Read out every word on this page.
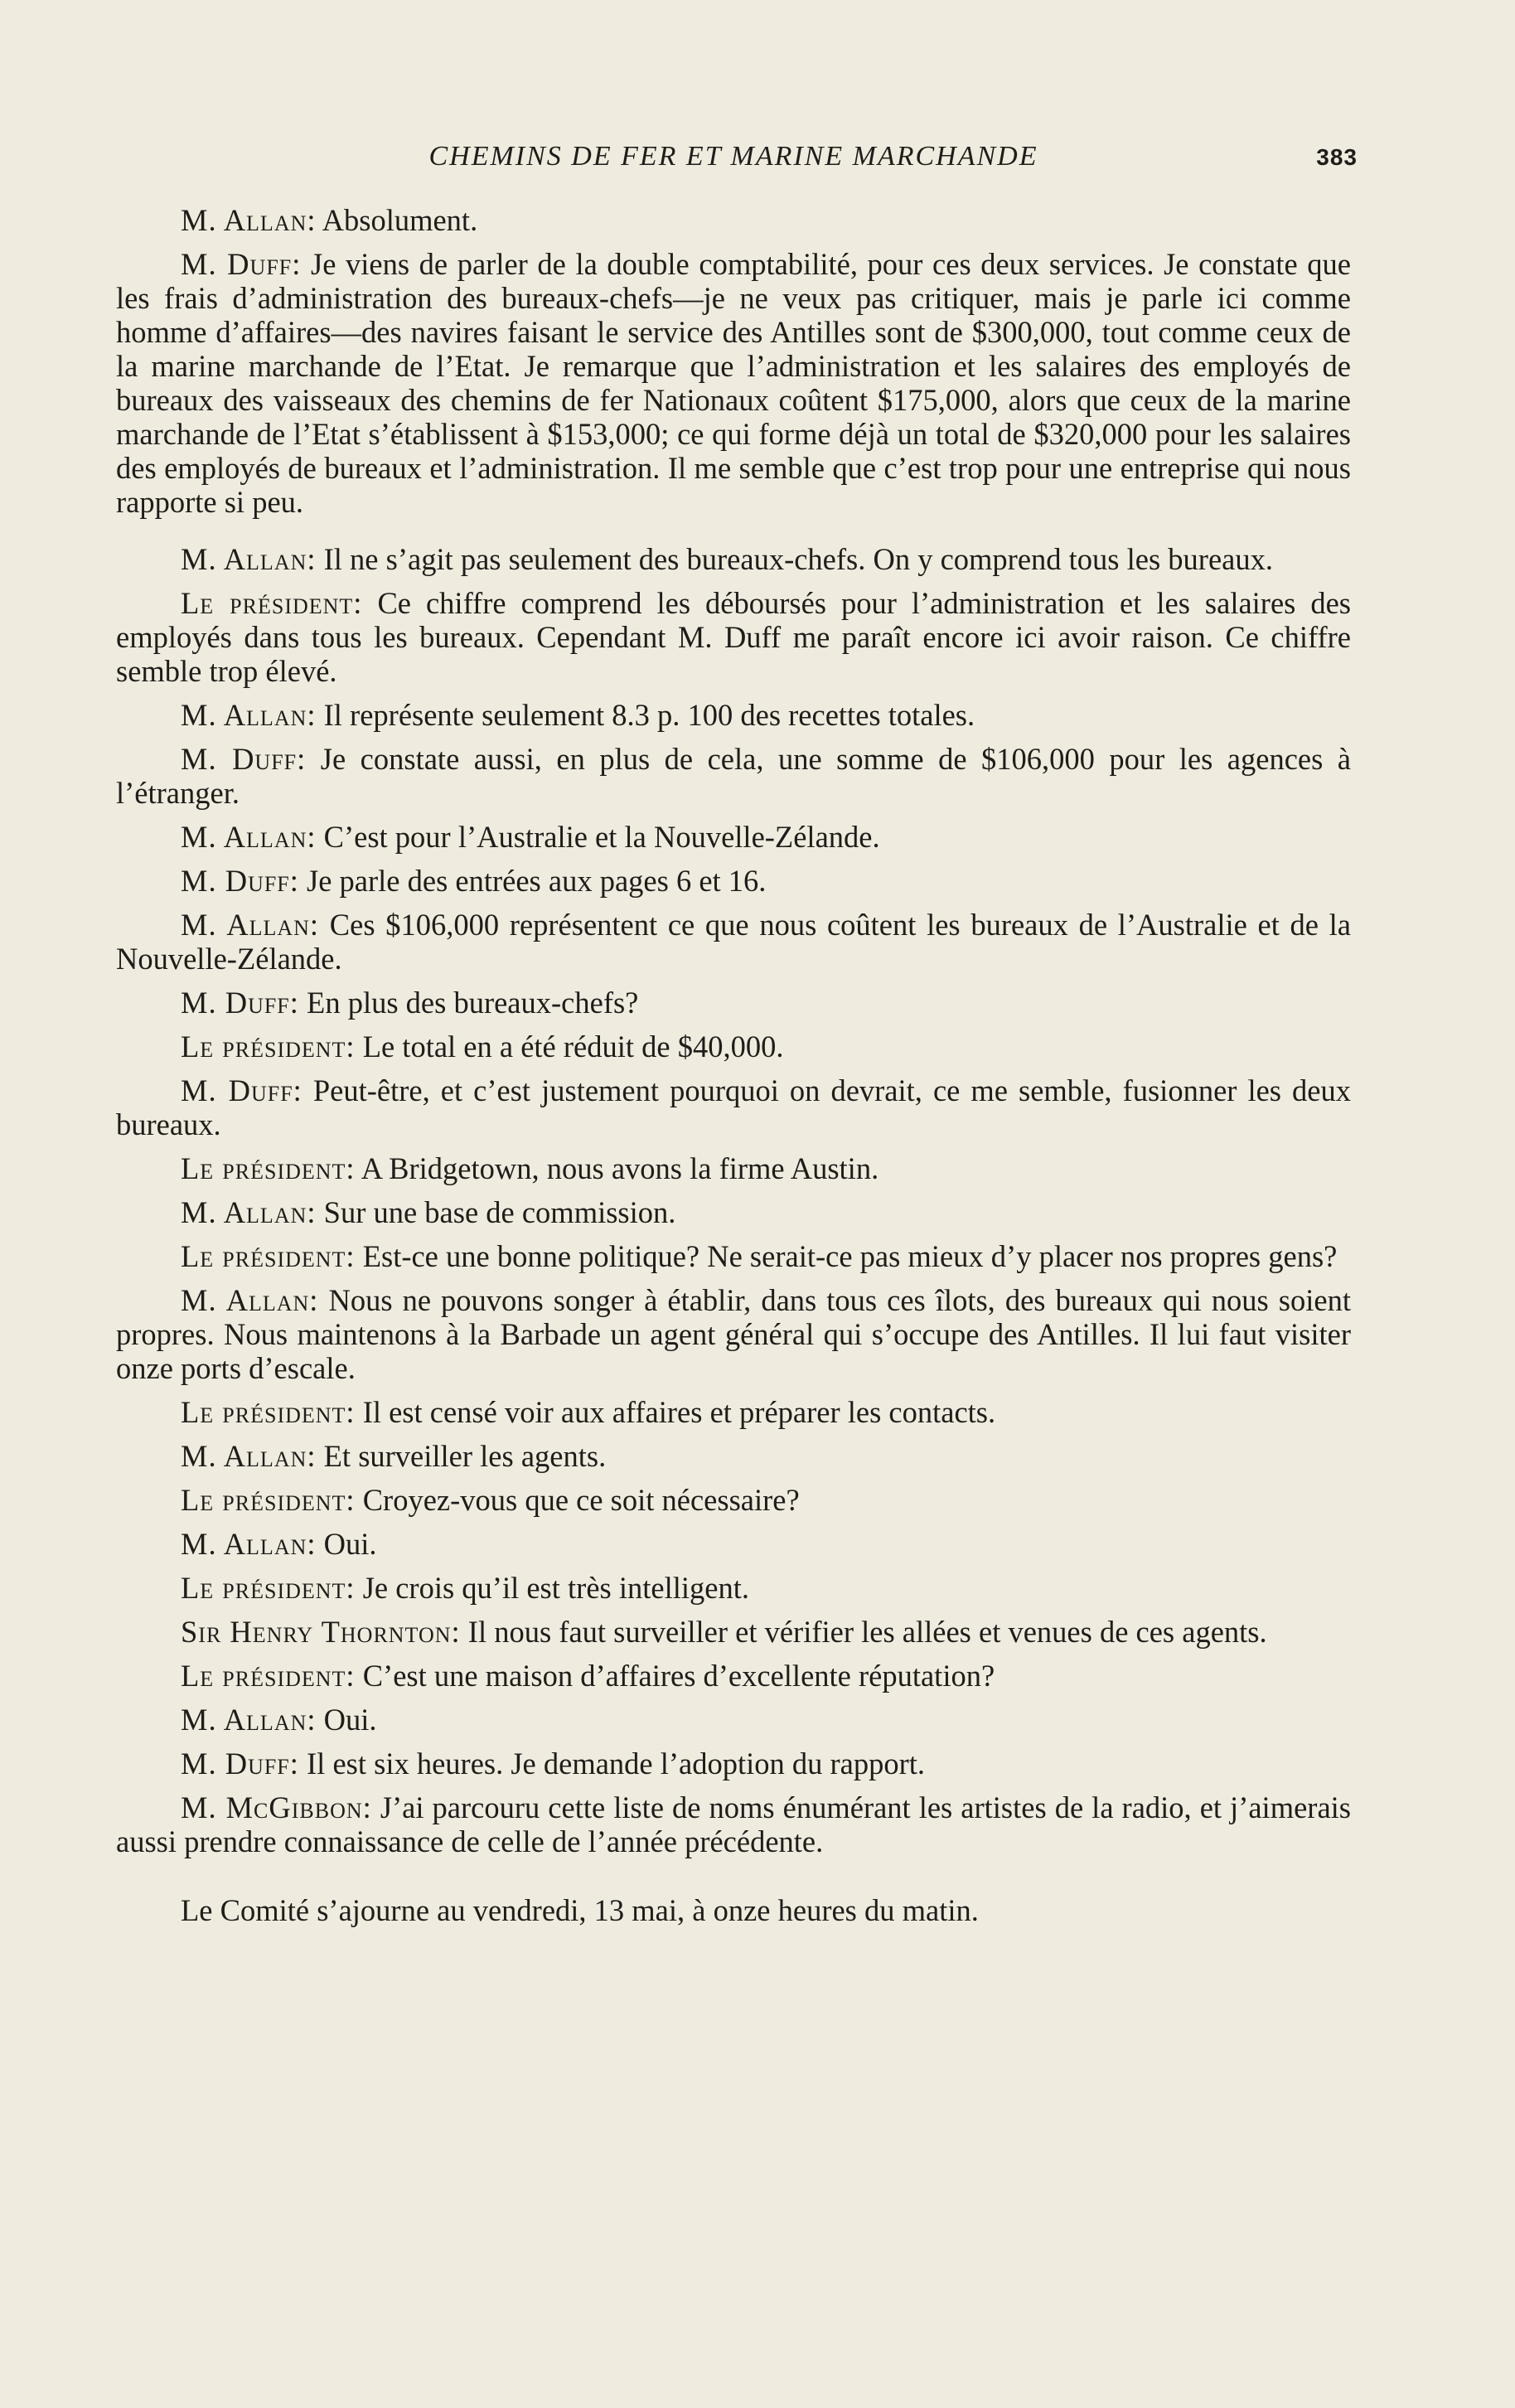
CHEMINS DE FER ET MARINE MARCHANDE	383

M. Allan: Absolument.

M. Duff: Je viens de parler de la double comptabilité, pour ces deux services. Je constate que les frais d’administration des bureaux-chefs—je ne veux pas critiquer, mais je parle ici comme homme d’affaires—des navires faisant le service des Antilles sont de $300,000, tout comme ceux de la marine marchande de l’Etat. Je remarque que l’administration et les salaires des employés de bureaux des vaisseaux des chemins de fer Nationaux coûtent $175,000, alors que ceux de la marine marchande de l’Etat s’établissent à $153,000; ce qui forme déjà un total de $320,000 pour les salaires des employés de bureaux et l’administration. Il me semble que c’est trop pour une entreprise qui nous rapporte si peu.

M. Allan: Il ne s’agit pas seulement des bureaux-chefs. On y comprend tous les bureaux.

Le président: Ce chiffre comprend les déboursés pour l’administration et les salaires des employés dans tous les bureaux. Cependant M. Duff me paraît encore ici avoir raison. Ce chiffre semble trop élevé.

M. Allan: Il représente seulement 8.3 p. 100 des recettes totales.

M. Duff: Je constate aussi, en plus de cela, une somme de $106,000 pour les agences à l’étranger.

M. Allan: C’est pour l’Australie et la Nouvelle-Zélande.

M. Duff: Je parle des entrées aux pages 6 et 16.

M. Allan: Ces $106,000 représentent ce que nous coûtent les bureaux de l’Australie et de la Nouvelle-Zélande.

M. Duff: En plus des bureaux-chefs?

Le président: Le total en a été réduit de $40,000.

M. Duff: Peut-être, et c’est justement pourquoi on devrait, ce me semble, fusionner les deux bureaux.

Le président: A Bridgetown, nous avons la firme Austin.

M. Allan: Sur une base de commission.

Le président: Est-ce une bonne politique? Ne serait-ce pas mieux d’y placer nos propres gens?

M. Allan: Nous ne pouvons songer à établir, dans tous ces îlots, des bureaux qui nous soient propres. Nous maintenons à la Barbade un agent général qui s’occupe des Antilles. Il lui faut visiter onze ports d’escale.

Le président: Il est censé voir aux affaires et préparer les contacts.

M. Allan: Et surveiller les agents.

Le président: Croyez-vous que ce soit nécessaire?

M. Allan: Oui.

Le président: Je crois qu’il est très intelligent.

Sir Henry Thornton: Il nous faut surveiller et vérifier les allées et venues de ces agents.

Le président: C’est une maison d’affaires d’excellente réputation?

M. Allan: Oui.

M. Duff: Il est six heures. Je demande l’adoption du rapport.

M. McGibbon: J’ai parcouru cette liste de noms énumérant les artistes de la radio, et j’aimerais aussi prendre connaissance de celle de l’année précédente.

Le Comité s’ajourne au vendredi, 13 mai, à onze heures du matin.
